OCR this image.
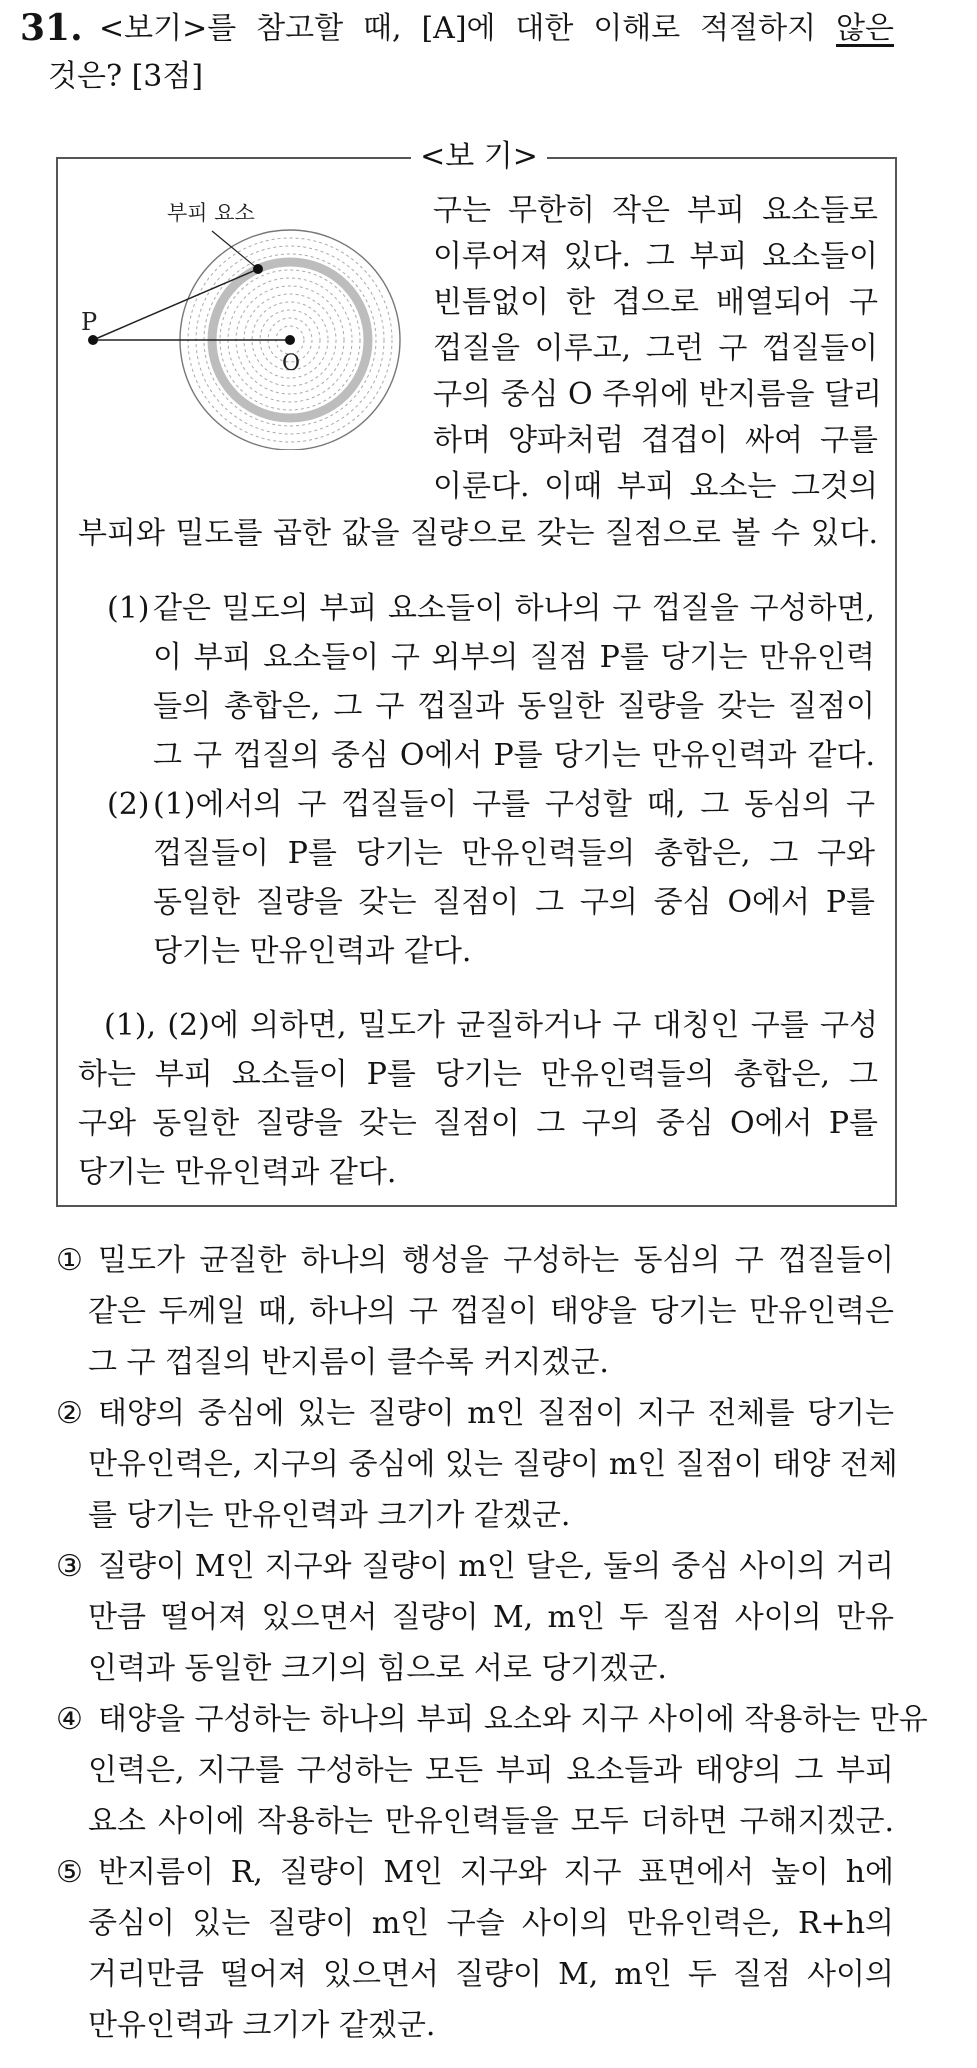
31. <보기>를 참고할 때, [A]에 대한 이해로 적절하지 않은
것은? [3점]
<보 기>
부피 요소
P
O
구는 무한히 작은 부피 요소들로
이루어져 있다. 그 부피 요소들이
빈틈없이 한 겹으로 배열되어 구
껍질을 이루고, 그런 구 껍질들이
구의 중심 O 주위에 반지름을 달리
하며 양파처럼 겹겹이 싸여 구를
이룬다. 이때 부피 요소는 그것의
부피와 밀도를 곱한 값을 질량으로 갖는 질점으로 볼 수 있다.
(1) 같은 밀도의 부피 요소들이 하나의 구 껍질을 구성하면,
이 부피 요소들이 구 외부의 질점 P를 당기는 만유인력
들의 총합은, 그 구 껍질과 동일한 질량을 갖는 질점이
그 구 껍질의 중심 O에서 P를 당기는 만유인력과 같다.
(2) (1)에서의 구 껍질들이 구를 구성할 때, 그 동심의 구
껍질들이 P를 당기는 만유인력들의 총합은, 그 구와
동일한 질량을 갖는 질점이 그 구의 중심 O에서 P를
당기는 만유인력과 같다.
(1), (2)에 의하면, 밀도가 균질하거나 구 대칭인 구를 구성
하는 부피 요소들이 P를 당기는 만유인력들의 총합은, 그
구와 동일한 질량을 갖는 질점이 그 구의 중심 O에서 P를
당기는 만유인력과 같다.
① 밀도가 균질한 하나의 행성을 구성하는 동심의 구 껍질들이
같은 두께일 때, 하나의 구 껍질이 태양을 당기는 만유인력은
그 구 껍질의 반지름이 클수록 커지겠군.
② 태양의 중심에 있는 질량이 m인 질점이 지구 전체를 당기는
만유인력은, 지구의 중심에 있는 질량이 m인 질점이 태양 전체
를 당기는 만유인력과 크기가 같겠군.
③ 질량이 M인 지구와 질량이 m인 달은, 둘의 중심 사이의 거리
만큼 떨어져 있으면서 질량이 M, m인 두 질점 사이의 만유
인력과 동일한 크기의 힘으로 서로 당기겠군.
④ 태양을 구성하는 하나의 부피 요소와 지구 사이에 작용하는 만유
인력은, 지구를 구성하는 모든 부피 요소들과 태양의 그 부피
요소 사이에 작용하는 만유인력들을 모두 더하면 구해지겠군.
⑤ 반지름이 R, 질량이 M인 지구와 지구 표면에서 높이 h에
중심이 있는 질량이 m인 구슬 사이의 만유인력은, R+h의
거리만큼 떨어져 있으면서 질량이 M, m인 두 질점 사이의
만유인력과 크기가 같겠군.
